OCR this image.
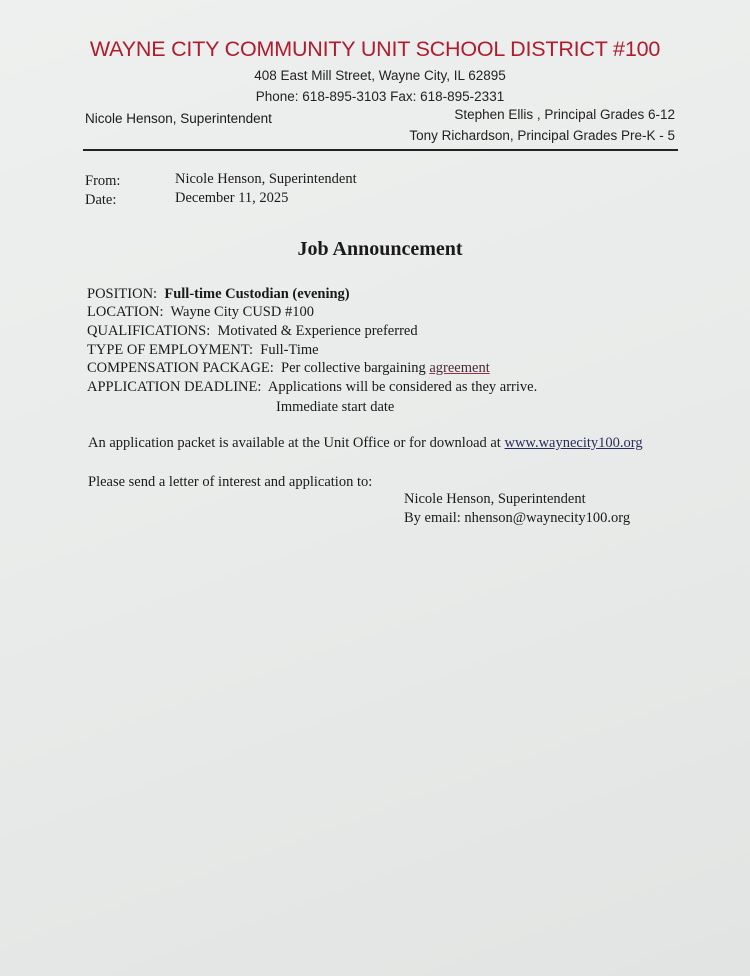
WAYNE CITY COMMUNITY UNIT SCHOOL DISTRICT #100
408 East Mill Street, Wayne City, IL 62895
Phone: 618-895-3103 Fax: 618-895-2331
Nicole Henson, Superintendent	Stephen Ellis , Principal Grades 6-12
Tony Richardson, Principal Grades Pre-K - 5
From:	Nicole Henson, Superintendent
Date:	December 11, 2025
Job Announcement
POSITION: Full-time Custodian (evening)
LOCATION: Wayne City CUSD #100
QUALIFICATIONS: Motivated & Experience preferred
TYPE OF EMPLOYMENT: Full-Time
COMPENSATION PACKAGE: Per collective bargaining agreement
APPLICATION DEADLINE: Applications will be considered as they arrive.
Immediate start date
An application packet is available at the Unit Office or for download at www.waynecity100.org
Please send a letter of interest and application to:
Nicole Henson, Superintendent
By email: nhenson@waynecity100.org
